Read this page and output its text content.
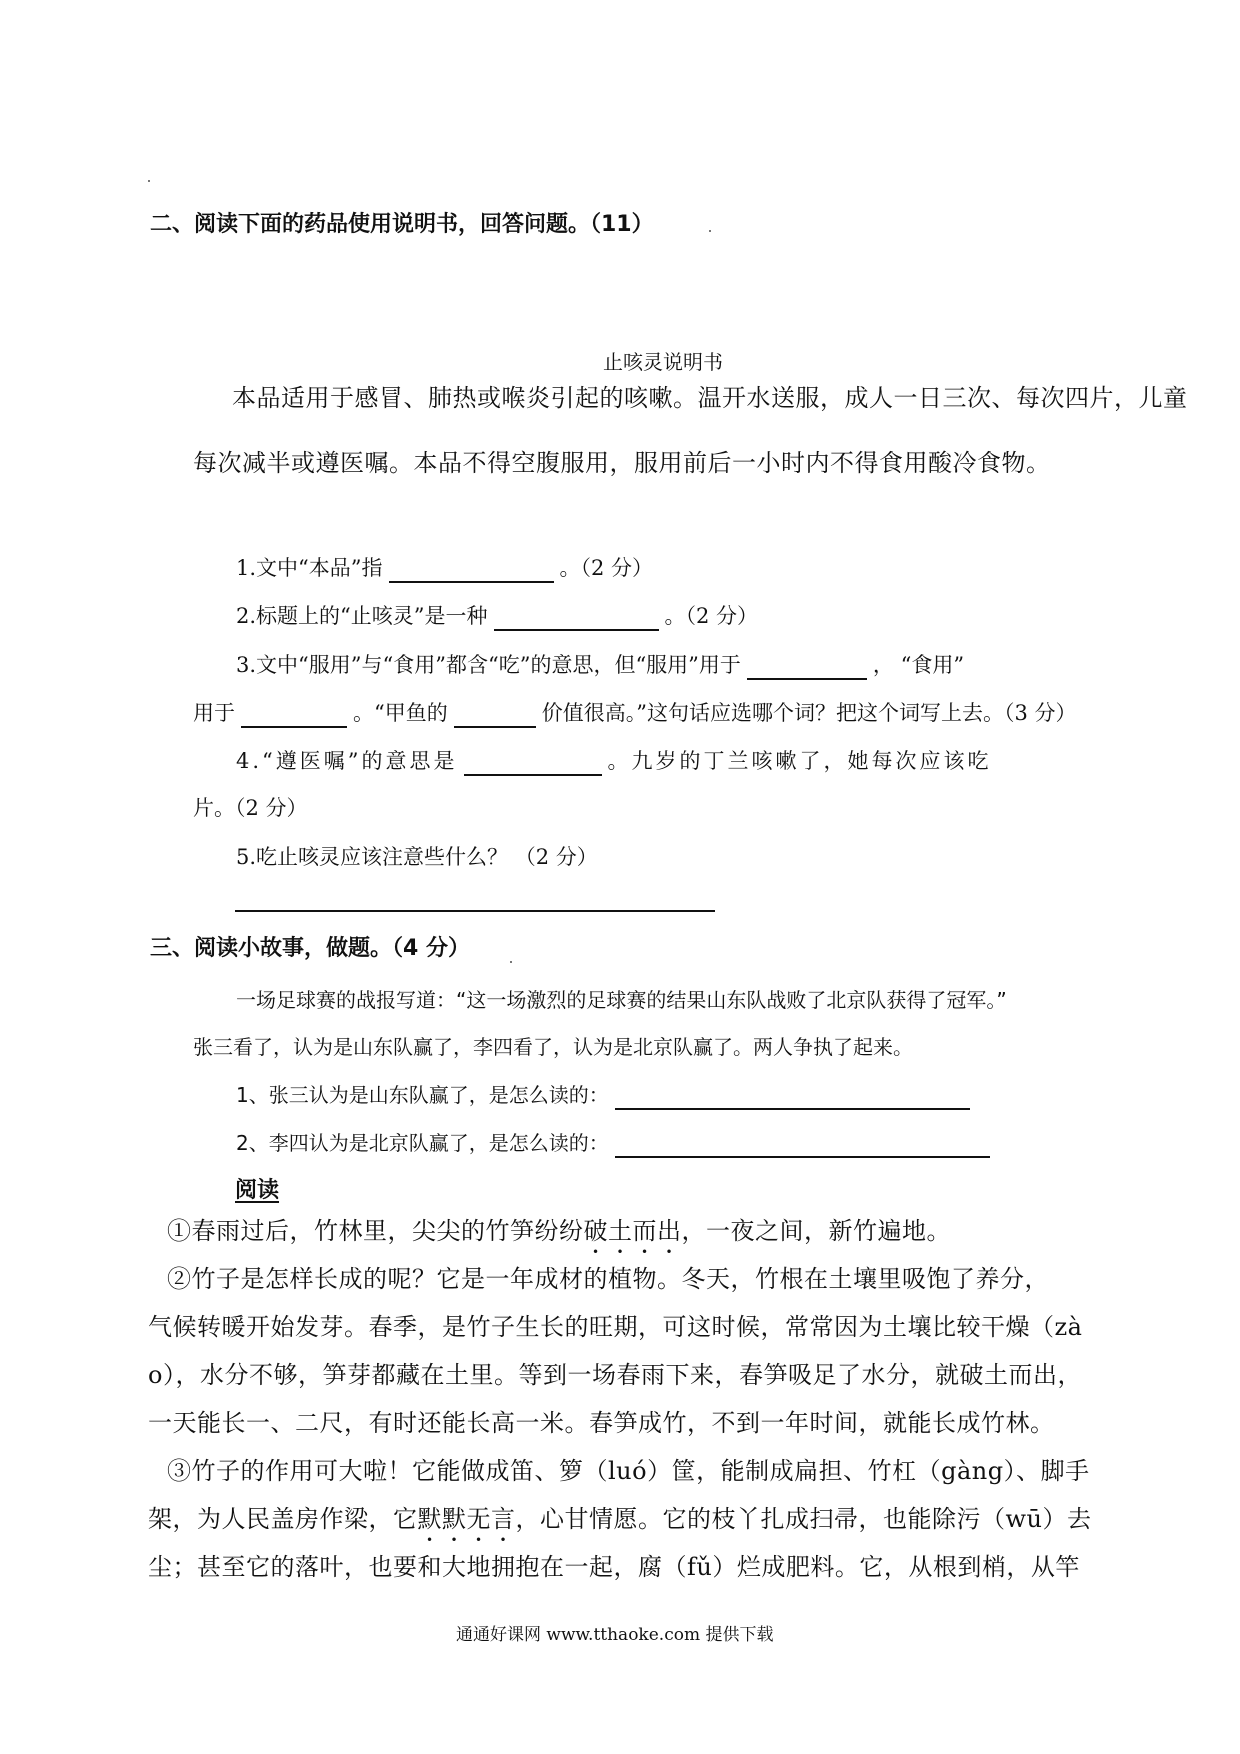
二、阅读下面的药品使用说明书，回答问题。（11）
止咳灵说明书
本品适用于感冒、肺热或喉炎引起的咳嗽。温开水送服，成人一日三次、每次四片，儿童
每次减半或遵医嘱。本品不得空腹服用，服用前后一小时内不得食用酸冷食物。
1.文中“本品”指	。（2 分）
2.标题上的“止咳灵”是一种	。（2 分）
3.文中“服用”与“食用”都含“吃”的意思，但“服用”用于	， “食用”
用于	。“甲鱼的	价值很高。”这句话应选哪个词？把这个词写上去。（3 分）
4.“遵医嘱”的意思是	。九岁的丁兰咳嗽了，她每次应该吃
片。（2 分）
5.吃止咳灵应该注意些什么？ （2 分）
三、阅读小故事，做题。（4 分）
一场足球赛的战报写道：“这一场激烈的足球赛的结果山东队战败了北京队获得了冠军。”
张三看了，认为是山东队赢了，李四看了，认为是北京队赢了。两人争执了起来。
1、张三认为是山东队赢了，是怎么读的：
2、李四认为是北京队赢了，是怎么读的：
阅读
①春雨过后，竹林里，尖尖的竹笋纷纷破土而出，一夜之间，新竹遍地。
②竹子是怎样长成的呢？它是一年成材的植物。冬天，竹根在土壤里吸饱了养分，
气候转暖开始发芽。春季，是竹子生长的旺期，可这时候，常常因为土壤比较干燥（zà
o），水分不够，笋芽都藏在土里。等到一场春雨下来，春笋吸足了水分，就破土而出，
一天能长一、二尺，有时还能长高一米。春笋成竹，不到一年时间，就能长成竹林。
③竹子的作用可大啦！它能做成笛、箩（luó）筐，能制成扁担、竹杠（gàng）、脚手
架，为人民盖房作梁，它默默无言，心甘情愿。它的枝丫扎成扫帚，也能除污（wū）去
尘；甚至它的落叶，也要和大地拥抱在一起，腐（fǔ）烂成肥料。它，从根到梢，从竿
通通好课网 www.tthaoke.com 提供下载
